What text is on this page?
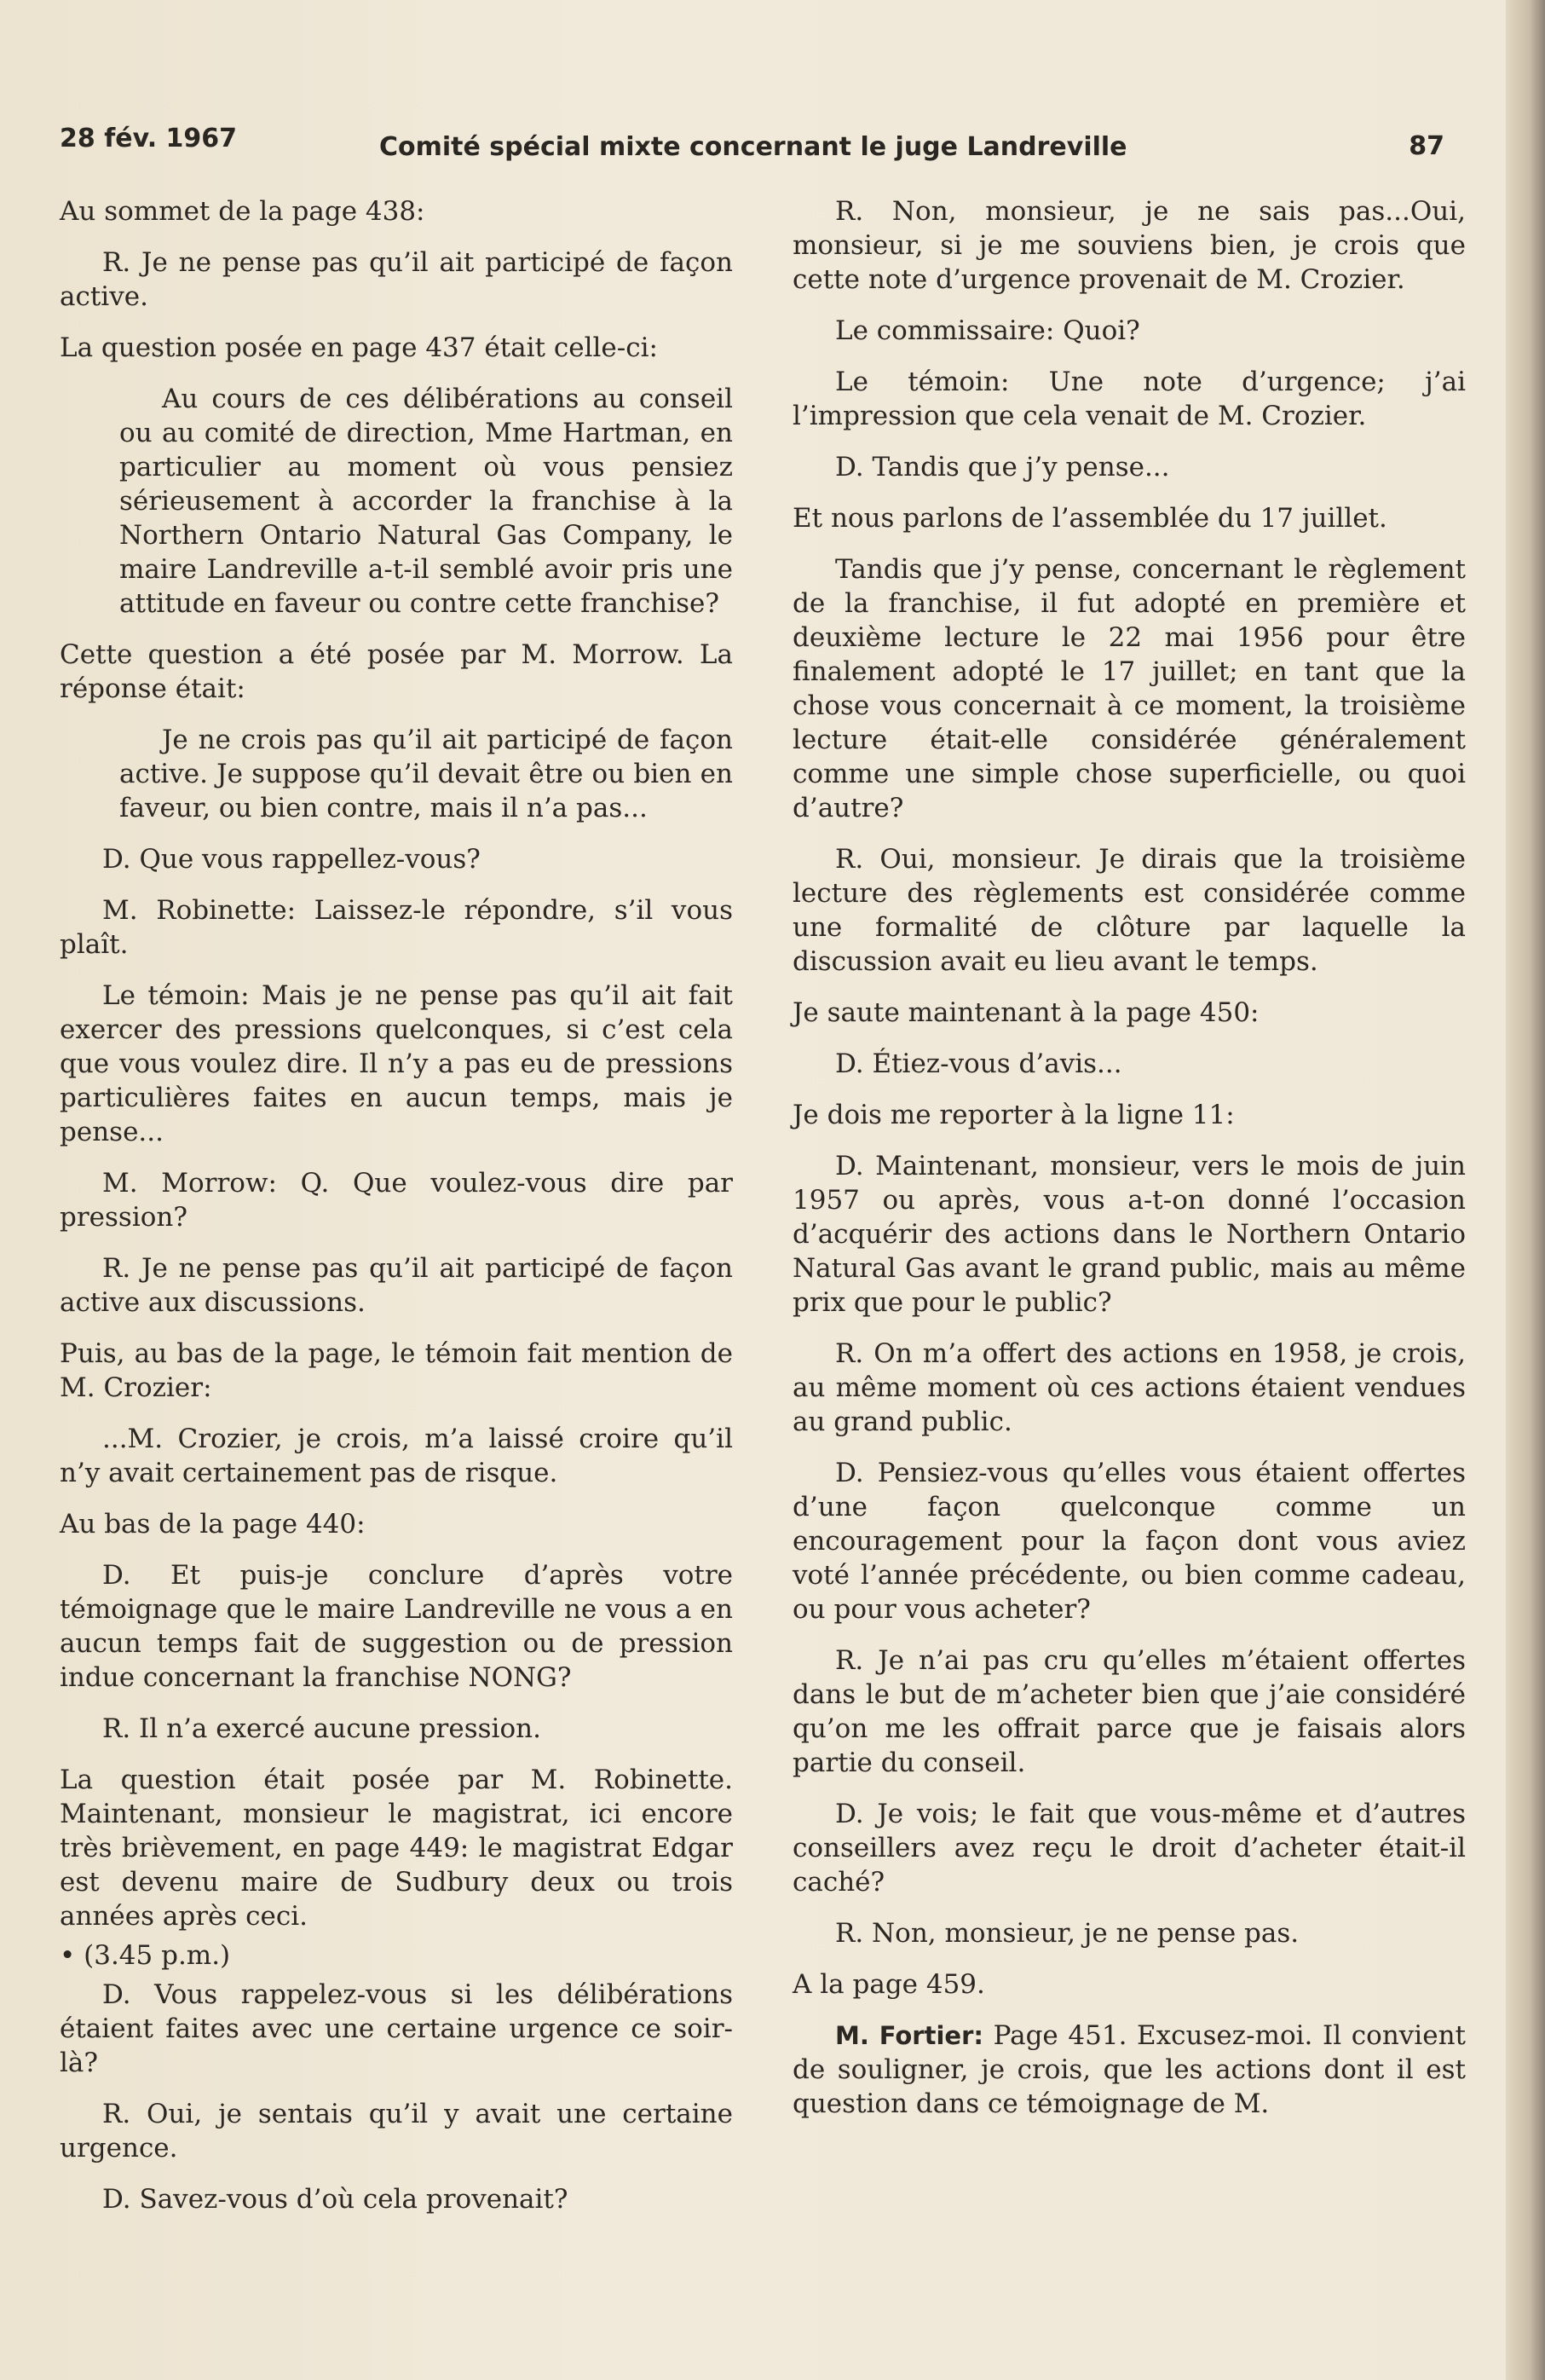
28 fév. 1967	Comité spécial mixte concernant le juge Landreville	87

Au sommet de la page 438:

R. Je ne pense pas qu’il ait participé de façon active.

La question posée en page 437 était celle-ci:

Au cours de ces délibérations au conseil ou au comité de direction, Mme Hartman, en particulier au moment où vous pensiez sérieusement à accorder la franchise à la Northern Ontario Natural Gas Company, le maire Landreville a-t-il semblé avoir pris une attitude en faveur ou contre cette franchise?

Cette question a été posée par M. Morrow. La réponse était:

Je ne crois pas qu’il ait participé de façon active. Je suppose qu’il devait être ou bien en faveur, ou bien contre, mais il n’a pas...

D. Que vous rappellez-vous?

M. Robinette: Laissez-le répondre, s’il vous plaît.

Le témoin: Mais je ne pense pas qu’il ait fait exercer des pressions quelconques, si c’est cela que vous voulez dire. Il n’y a pas eu de pressions particulières faites en aucun temps, mais je pense...

M. Morrow: Q. Que voulez-vous dire par pression?

R. Je ne pense pas qu’il ait participé de façon active aux discussions.

Puis, au bas de la page, le témoin fait mention de M. Crozier:

...M. Crozier, je crois, m’a laissé croire qu’il n’y avait certainement pas de risque.

Au bas de la page 440:

D. Et puis-je conclure d’après votre témoignage que le maire Landreville ne vous a en aucun temps fait de suggestion ou de pression indue concernant la franchise NONG?

R. Il n’a exercé aucune pression.

La question était posée par M. Robinette. Maintenant, monsieur le magistrat, ici encore très brièvement, en page 449: le magistrat Edgar est devenu maire de Sudbury deux ou trois années après ceci.

• (3.45 p.m.)

D. Vous rappelez-vous si les délibérations étaient faites avec une certaine urgence ce soir-là?

R. Oui, je sentais qu’il y avait une certaine urgence.

D. Savez-vous d’où cela provenait?

R. Non, monsieur, je ne sais pas...Oui, monsieur, si je me souviens bien, je crois que cette note d’urgence provenait de M. Crozier.

Le commissaire: Quoi?

Le témoin: Une note d’urgence; j’ai l’impression que cela venait de M. Crozier.

D. Tandis que j’y pense...

Et nous parlons de l’assemblée du 17 juillet.

Tandis que j’y pense, concernant le règlement de la franchise, il fut adopté en première et deuxième lecture le 22 mai 1956 pour être finalement adopté le 17 juillet; en tant que la chose vous concernait à ce moment, la troisième lecture était-elle considérée généralement comme une simple chose superficielle, ou quoi d’autre?

R. Oui, monsieur. Je dirais que la troisième lecture des règlements est considérée comme une formalité de clôture par laquelle la discussion avait eu lieu avant le temps.

Je saute maintenant à la page 450:

D. Étiez-vous d’avis...

Je dois me reporter à la ligne 11:

D. Maintenant, monsieur, vers le mois de juin 1957 ou après, vous a-t-on donné l’occasion d’acquérir des actions dans le Northern Ontario Natural Gas avant le grand public, mais au même prix que pour le public?

R. On m’a offert des actions en 1958, je crois, au même moment où ces actions étaient vendues au grand public.

D. Pensiez-vous qu’elles vous étaient offertes d’une façon quelconque comme un encouragement pour la façon dont vous aviez voté l’année précédente, ou bien comme cadeau, ou pour vous acheter?

R. Je n’ai pas cru qu’elles m’étaient offertes dans le but de m’acheter bien que j’aie considéré qu’on me les offrait parce que je faisais alors partie du conseil.

D. Je vois; le fait que vous-même et d’autres conseillers avez reçu le droit d’acheter était-il caché?

R. Non, monsieur, je ne pense pas.

A la page 459.

M. Fortier: Page 451. Excusez-moi. Il convient de souligner, je crois, que les actions dont il est question dans ce témoignage de M.
